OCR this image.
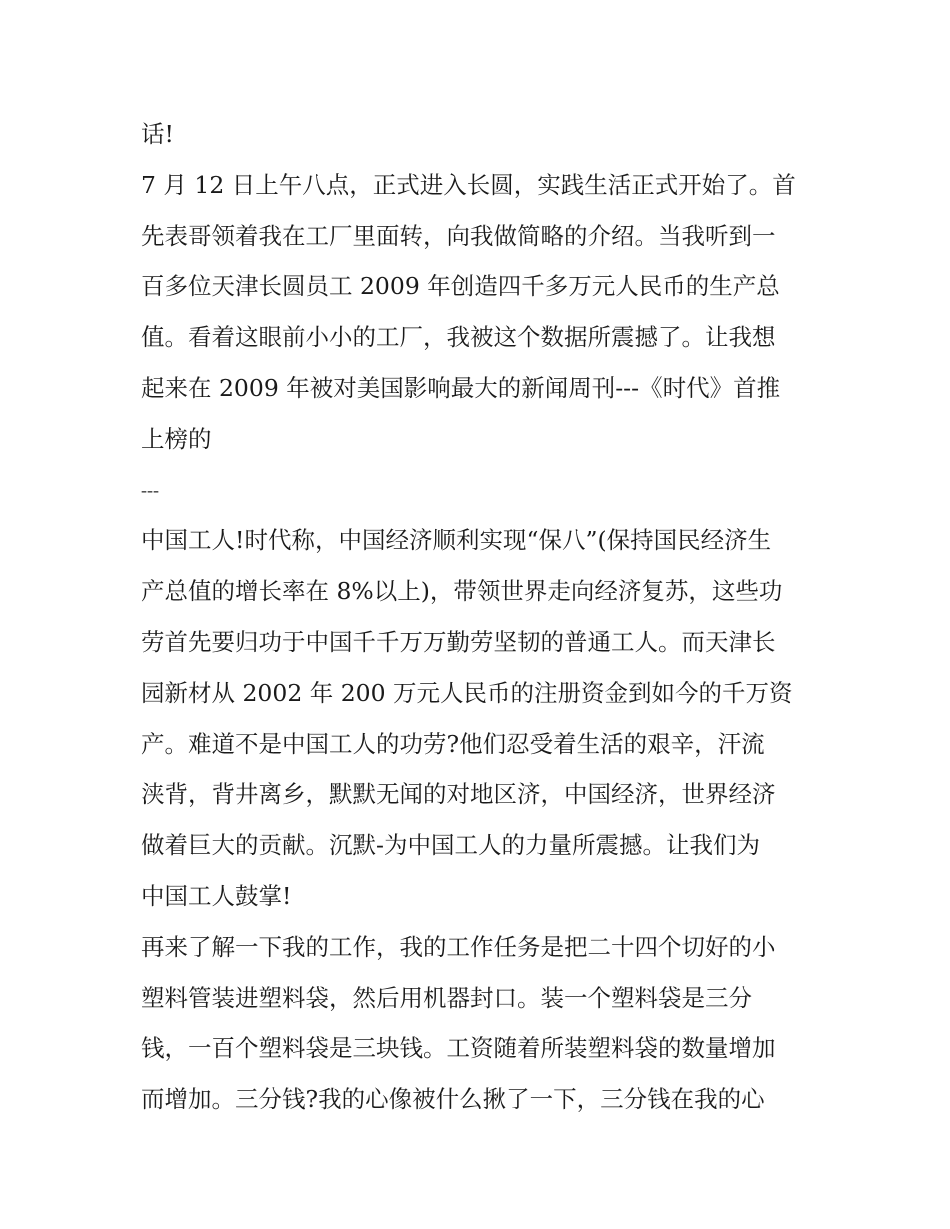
话!
7 月 12 日上午八点，正式进入长圆，实践生活正式开始了。首
先表哥领着我在工厂里面转，向我做简略的介绍。当我听到一
百多位天津长圆员工 2009 年创造四千多万元人民币的生产总
值。看着这眼前小小的工厂，我被这个数据所震撼了。让我想
起来在 2009 年被对美国影响最大的新闻周刊---《时代》首推
上榜的
---
中国工人!时代称，中国经济顺利实现“保八”(保持国民经济生
产总值的增长率在 8%以上)，带领世界走向经济复苏，这些功
劳首先要归功于中国千千万万勤劳坚韧的普通工人。而天津长
园新材从 2002 年 200 万元人民币的注册资金到如今的千万资
产。难道不是中国工人的功劳?他们忍受着生活的艰辛，汗流
浃背，背井离乡，默默无闻的对地区济，中国经济，世界经济
做着巨大的贡献。沉默-为中国工人的力量所震撼。让我们为
中国工人鼓掌!
再来了解一下我的工作，我的工作任务是把二十四个切好的小
塑料管装进塑料袋，然后用机器封口。装一个塑料袋是三分
钱，一百个塑料袋是三块钱。工资随着所装塑料袋的数量增加
而增加。三分钱?我的心像被什么揪了一下，三分钱在我的心
